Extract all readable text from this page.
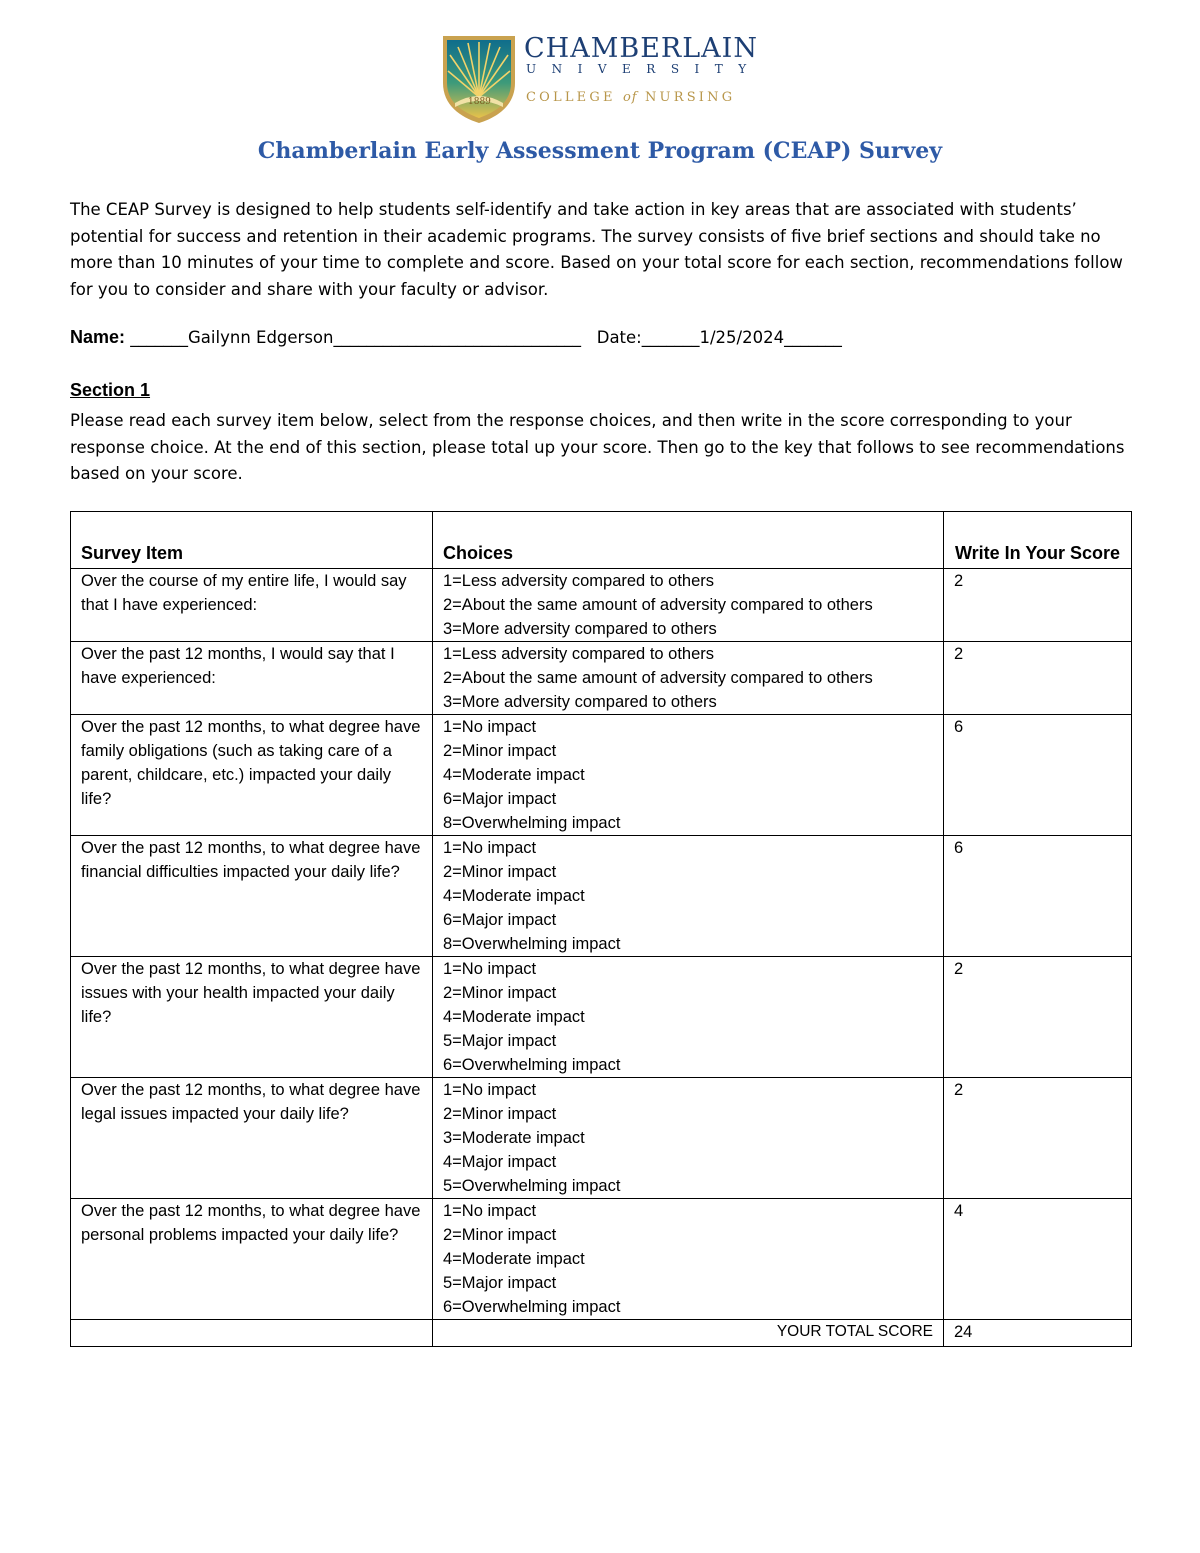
1889
CHAMBERLAIN
UNIVERSITY
COLLEGE of NURSING
Chamberlain Early Assessment Program (CEAP) Survey

The CEAP Survey is designed to help students self-identify and take action in key areas that are associated with students’ potential for success and retention in their academic programs. The survey consists of five brief sections and should take no more than 10 minutes of your time to complete and score. Based on your total score for each section, recommendations follow for you to consider and share with your faculty or advisor.

Name: _______Gailynn Edgerson______________________________ Date:_______1/25/2024_______

Section 1

Please read each survey item below, select from the response choices, and then write in the score corresponding to your response choice. At the end of this section, please total up your score. Then go to the key that follows to see recommendations based on your score.

Survey Item	Choices	Write In Your Score
Over the course of my entire life, I would say that I have experienced:	1=Less adversity compared to others
2=About the same amount of adversity compared to others
3=More adversity compared to others	2
Over the past 12 months, I would say that I have experienced:	1=Less adversity compared to others
2=About the same amount of adversity compared to others
3=More adversity compared to others	2
Over the past 12 months, to what degree have family obligations (such as taking care of a parent, childcare, etc.) impacted your daily life?	1=No impact
2=Minor impact
4=Moderate impact
6=Major impact
8=Overwhelming impact	6
Over the past 12 months, to what degree have financial difficulties impacted your daily life?	1=No impact
2=Minor impact
4=Moderate impact
6=Major impact
8=Overwhelming impact	6
Over the past 12 months, to what degree have issues with your health impacted your daily life?	1=No impact
2=Minor impact
4=Moderate impact
5=Major impact
6=Overwhelming impact	2
Over the past 12 months, to what degree have legal issues impacted your daily life?	1=No impact
2=Minor impact
3=Moderate impact
4=Major impact
5=Overwhelming impact	2
Over the past 12 months, to what degree have personal problems impacted your daily life?	1=No impact
2=Minor impact
4=Moderate impact
5=Major impact
6=Overwhelming impact	4
	YOUR TOTAL SCORE	24
